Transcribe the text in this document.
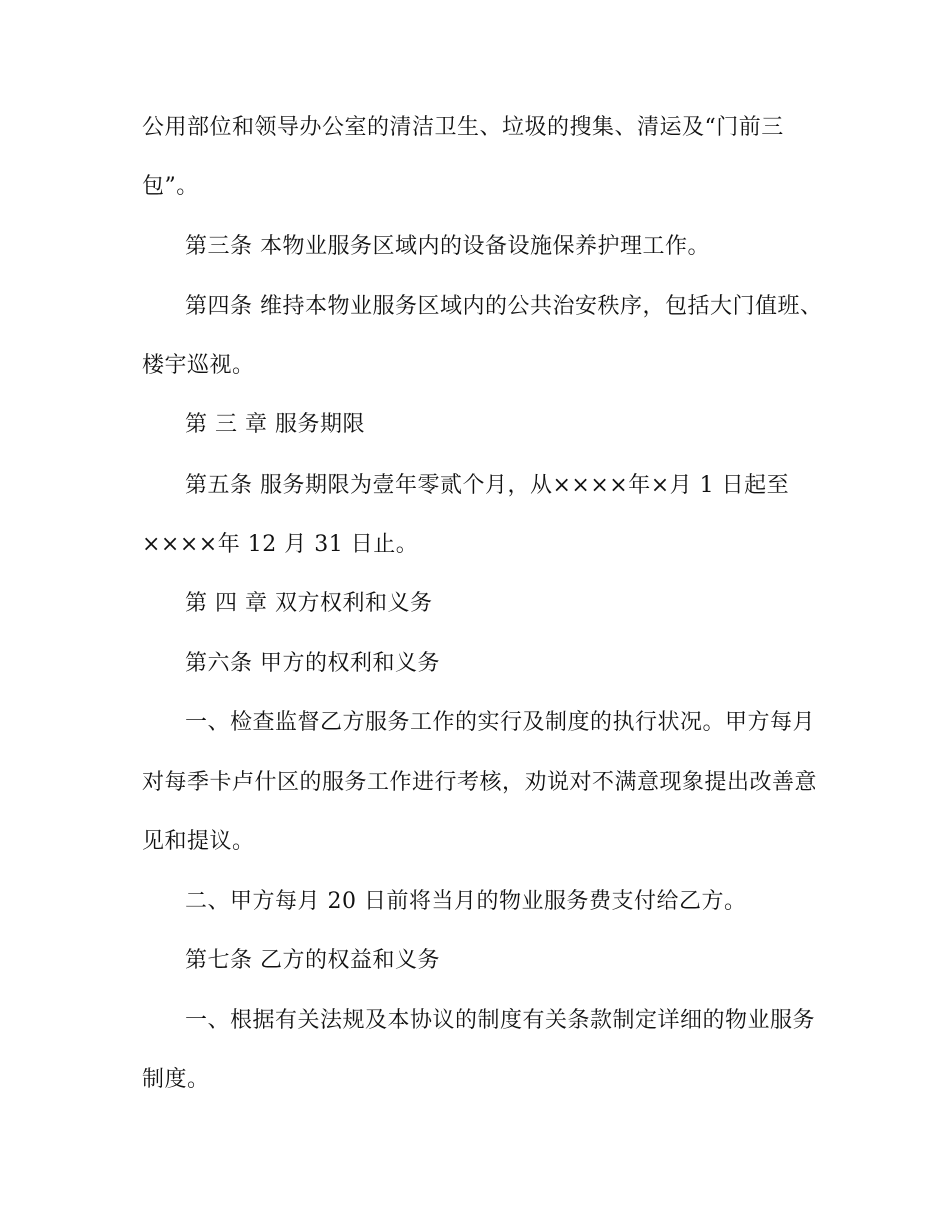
公用部位和领导办公室的清洁卫生、垃圾的搜集、清运及“门前三
包”。
第三条 本物业服务区域内的设备设施保养护理工作。
第四条 维持本物业服务区域内的公共治安秩序，包括大门值班、
楼宇巡视。
第 三 章 服务期限
第五条 服务期限为壹年零贰个月，从××××年×月 1 日起至
××××年 12 月 31 日止。
第 四 章 双方权利和义务
第六条 甲方的权利和义务
一、检查监督乙方服务工作的实行及制度的执行状况。甲方每月
对每季卡卢什区的服务工作进行考核，劝说对不满意现象提出改善意
见和提议。
二、甲方每月 20 日前将当月的物业服务费支付给乙方。
第七条 乙方的权益和义务
一、根据有关法规及本协议的制度有关条款制定详细的物业服务
制度。
